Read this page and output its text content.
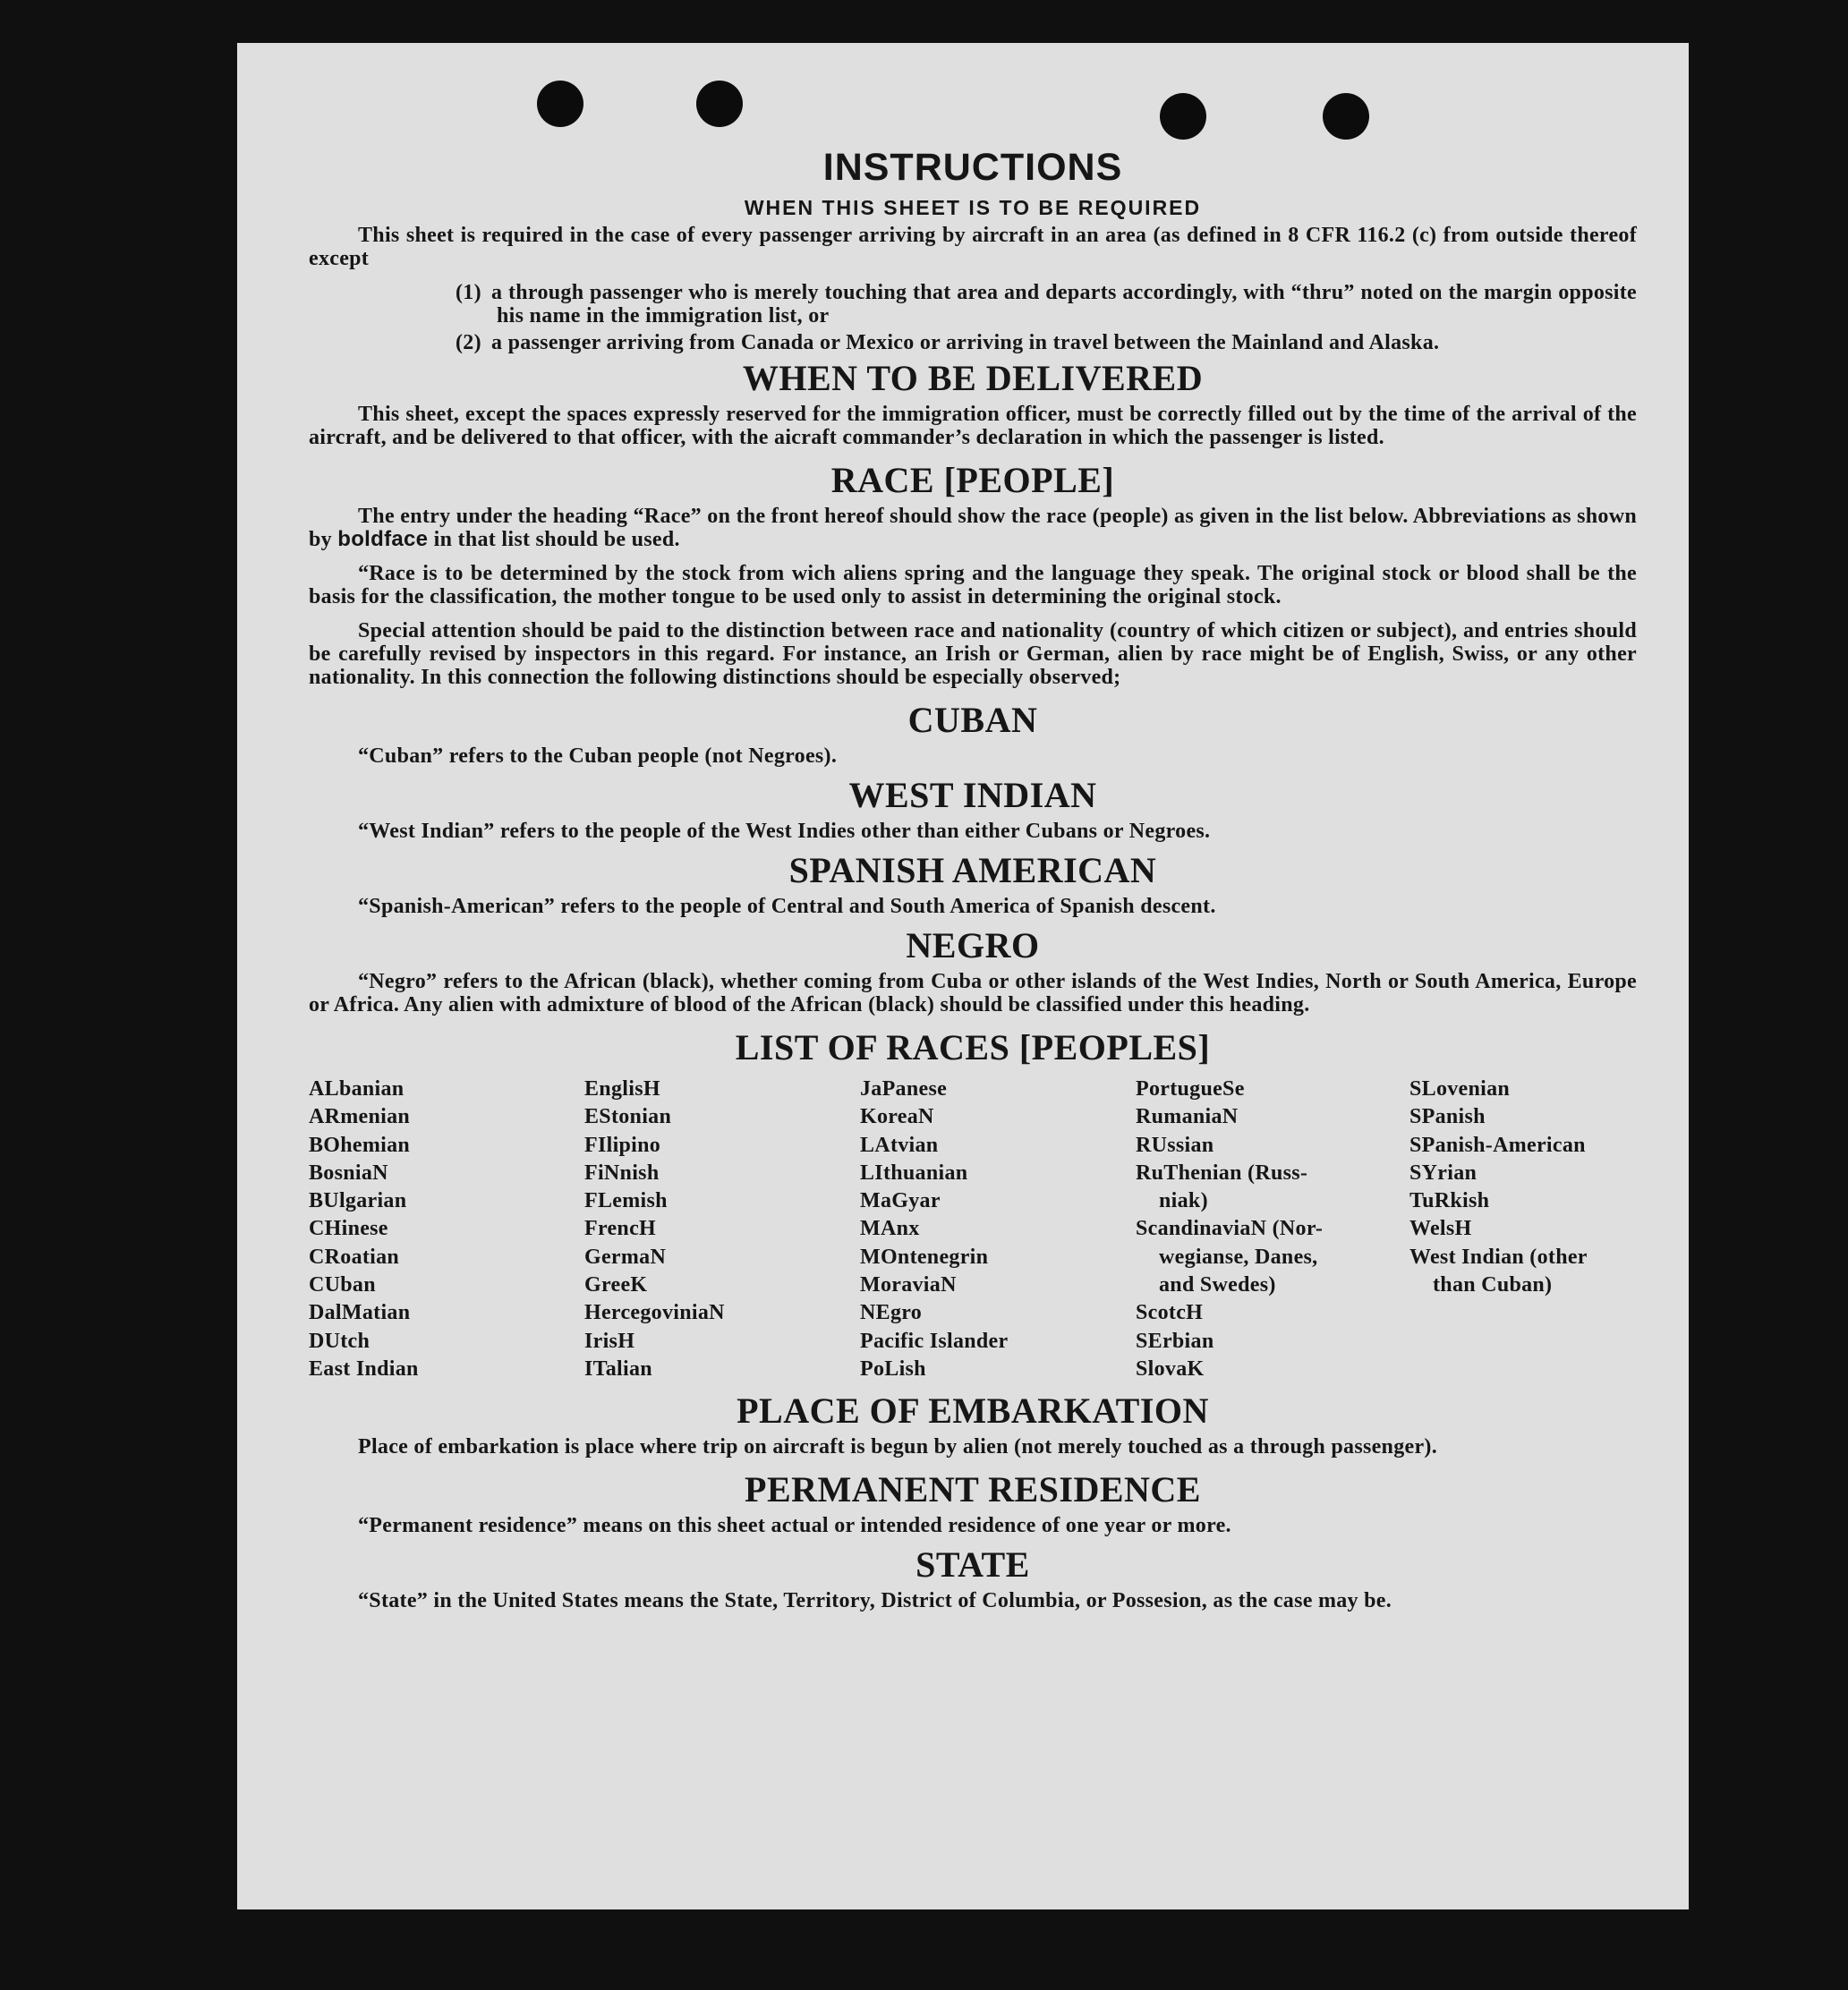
INSTRUCTIONS
WHEN THIS SHEET IS TO BE REQUIRED

This sheet is required in the case of every passenger arriving by aircraft in an area (as defined in 8 CFR 116.2 (c) from outside thereof except

(1) a through passenger who is merely touching that area and departs accordingly, with “thru” noted on the margin opposite his name in the immigration list, or
(2) a passenger arriving from Canada or Mexico or arriving in travel between the Mainland and Alaska.
WHEN TO BE DELIVERED

This sheet, except the spaces expressly reserved for the immigration officer, must be correctly filled out by the time of the arrival of the aircraft, and be delivered to that officer, with the aicraft commander’s declaration in which the passenger is listed.

RACE [PEOPLE]

The entry under the heading “Race” on the front hereof should show the race (people) as given in the list below. Abbreviations as shown by boldface in that list should be used.

“Race is to be determined by the stock from wich aliens spring and the language they speak. The original stock or blood shall be the basis for the classification, the mother tongue to be used only to assist in determining the original stock.

Special attention should be paid to the distinction between race and nationality (country of which citizen or subject), and entries should be carefully revised by inspectors in this regard. For instance, an Irish or German, alien by race might be of English, Swiss, or any other nationality. In this connection the following distinctions should be especially observed;

CUBAN
“Cuban” refers to the Cuban people (not Negroes).
WEST INDIAN
“West Indian” refers to the people of the West Indies other than either Cubans or Negroes.
SPANISH AMERICAN
“Spanish-American” refers to the people of Central and South America of Spanish descent.
NEGRO

“Negro” refers to the African (black), whether coming from Cuba or other islands of the West Indies, North or South America, Europe or Africa. Any alien with admixture of blood of the African (black) should be classified under this heading.

LIST OF RACES [PEOPLES]
ALbanian
ARmenian
BOhemian
BosniaN
BUlgarian
CHinese
CRoatian
CUban
DalMatian
DUtch
East Indian
EnglisH
EStonian
FIlipino
FiNnish
FLemish
FrencH
GermaN
GreeK
HercegoviniaN
IrisH
ITalian
JaPanese
KoreaN
LAtvian
LIthuanian
MaGyar
MAnx
MOntenegrin
MoraviaN
NEgro
Pacific Islander
PoLish
PortugueSe
RumaniaN
RUssian
RuThenian (Russ-
niak)
ScandinaviaN (Nor-
wegianse, Danes,
and Swedes)
ScotcH
SErbian
SlovaK
SLovenian
SPanish
SPanish-American
SYrian
TuRkish
WelsH
West Indian (other
than Cuban)
PLACE OF EMBARKATION

Place of embarkation is place where trip on aircraft is begun by alien (not merely touched as a through passenger).

PERMANENT RESIDENCE
“Permanent residence” means on this sheet actual or intended residence of one year or more.
STATE

“State” in the United States means the State, Territory, District of Columbia, or Possesion, as the case may be.
